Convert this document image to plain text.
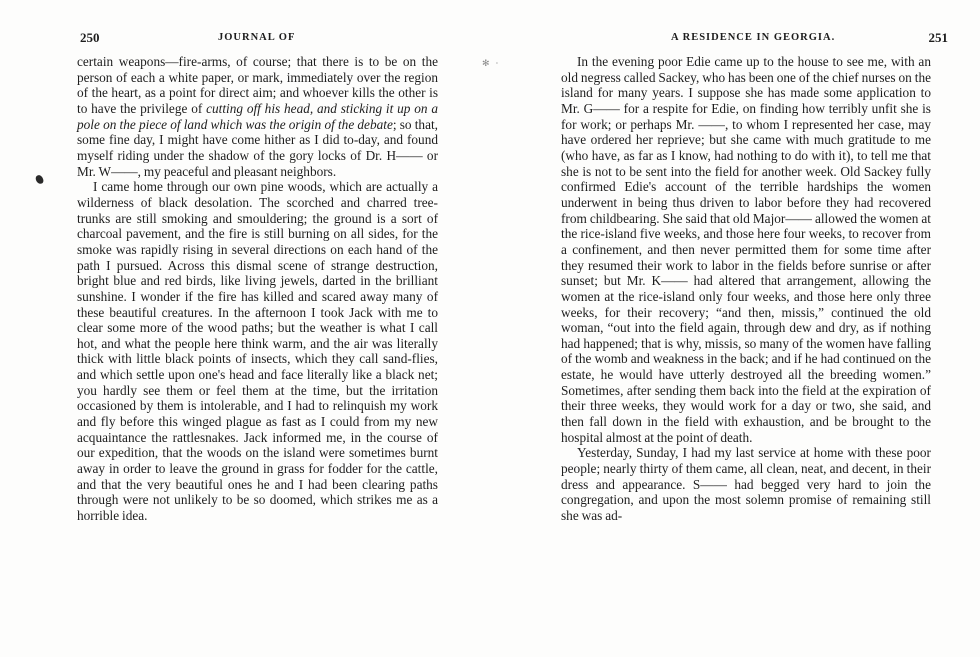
250	JOURNAL OF

certain weapons—fire-arms, of course; that there is to be on the person of each a white paper, or mark, immediately over the region of the heart, as a point for direct aim; and whoever kills the other is to have the privilege of cutting off his head, and sticking it up on a pole on the piece of land which was the origin of the debate; so that, some fine day, I might have come hither as I did to-day, and found myself riding under the shadow of the gory locks of Dr. H—— or Mr. W——, my peaceful and pleasant neighbors.

I came home through our own pine woods, which are actually a wilderness of black desolation. The scorched and charred tree-trunks are still smoking and smouldering; the ground is a sort of charcoal pavement, and the fire is still burning on all sides, for the smoke was rapidly rising in several directions on each hand of the path I pursued. Across this dismal scene of strange destruction, bright blue and red birds, like living jewels, darted in the brilliant sunshine. I wonder if the fire has killed and scared away many of these beautiful creatures. In the afternoon I took Jack with me to clear some more of the wood paths; but the weather is what I call hot, and what the people here think warm, and the air was literally thick with little black points of insects, which they call sand-flies, and which settle upon one's head and face literally like a black net; you hardly see them or feel them at the time, but the irritation occasioned by them is intolerable, and I had to relinquish my work and fly before this winged plague as fast as I could from my new acquaintance the rattlesnakes. Jack informed me, in the course of our expedition, that the woods on the island were sometimes burnt away in order to leave the ground in grass for fodder for the cattle, and that the very beautiful ones he and I had been clearing paths through were not unlikely to be so doomed, which strikes me as a horrible idea.

✻ ⸱
A RESIDENCE IN GEORGIA.	251

In the evening poor Edie came up to the house to see me, with an old negress called Sackey, who has been one of the chief nurses on the island for many years. I suppose she has made some application to Mr. G—— for a respite for Edie, on finding how terribly unfit she is for work; or perhaps Mr. ——, to whom I represented her case, may have ordered her reprieve; but she came with much gratitude to me (who have, as far as I know, had nothing to do with it), to tell me that she is not to be sent into the field for another week. Old Sackey fully confirmed Edie's account of the terrible hardships the women underwent in being thus driven to labor before they had recovered from childbearing. She said that old Major—— allowed the women at the rice-island five weeks, and those here four weeks, to recover from a confinement, and then never permitted them for some time after they resumed their work to labor in the fields before sunrise or after sunset; but Mr. K—— had altered that arrangement, allowing the women at the rice-island only four weeks, and those here only three weeks, for their recovery; “and then, missis,” continued the old woman, “out into the field again, through dew and dry, as if nothing had happened; that is why, missis, so many of the women have falling of the womb and weakness in the back; and if he had continued on the estate, he would have utterly destroyed all the breeding women.” Sometimes, after sending them back into the field at the expiration of their three weeks, they would work for a day or two, she said, and then fall down in the field with exhaustion, and be brought to the hospital almost at the point of death.

Yesterday, Sunday, I had my last service at home with these poor people; nearly thirty of them came, all clean, neat, and decent, in their dress and appearance. S—— had begged very hard to join the congregation, and upon the most solemn promise of remaining still she was ad-
